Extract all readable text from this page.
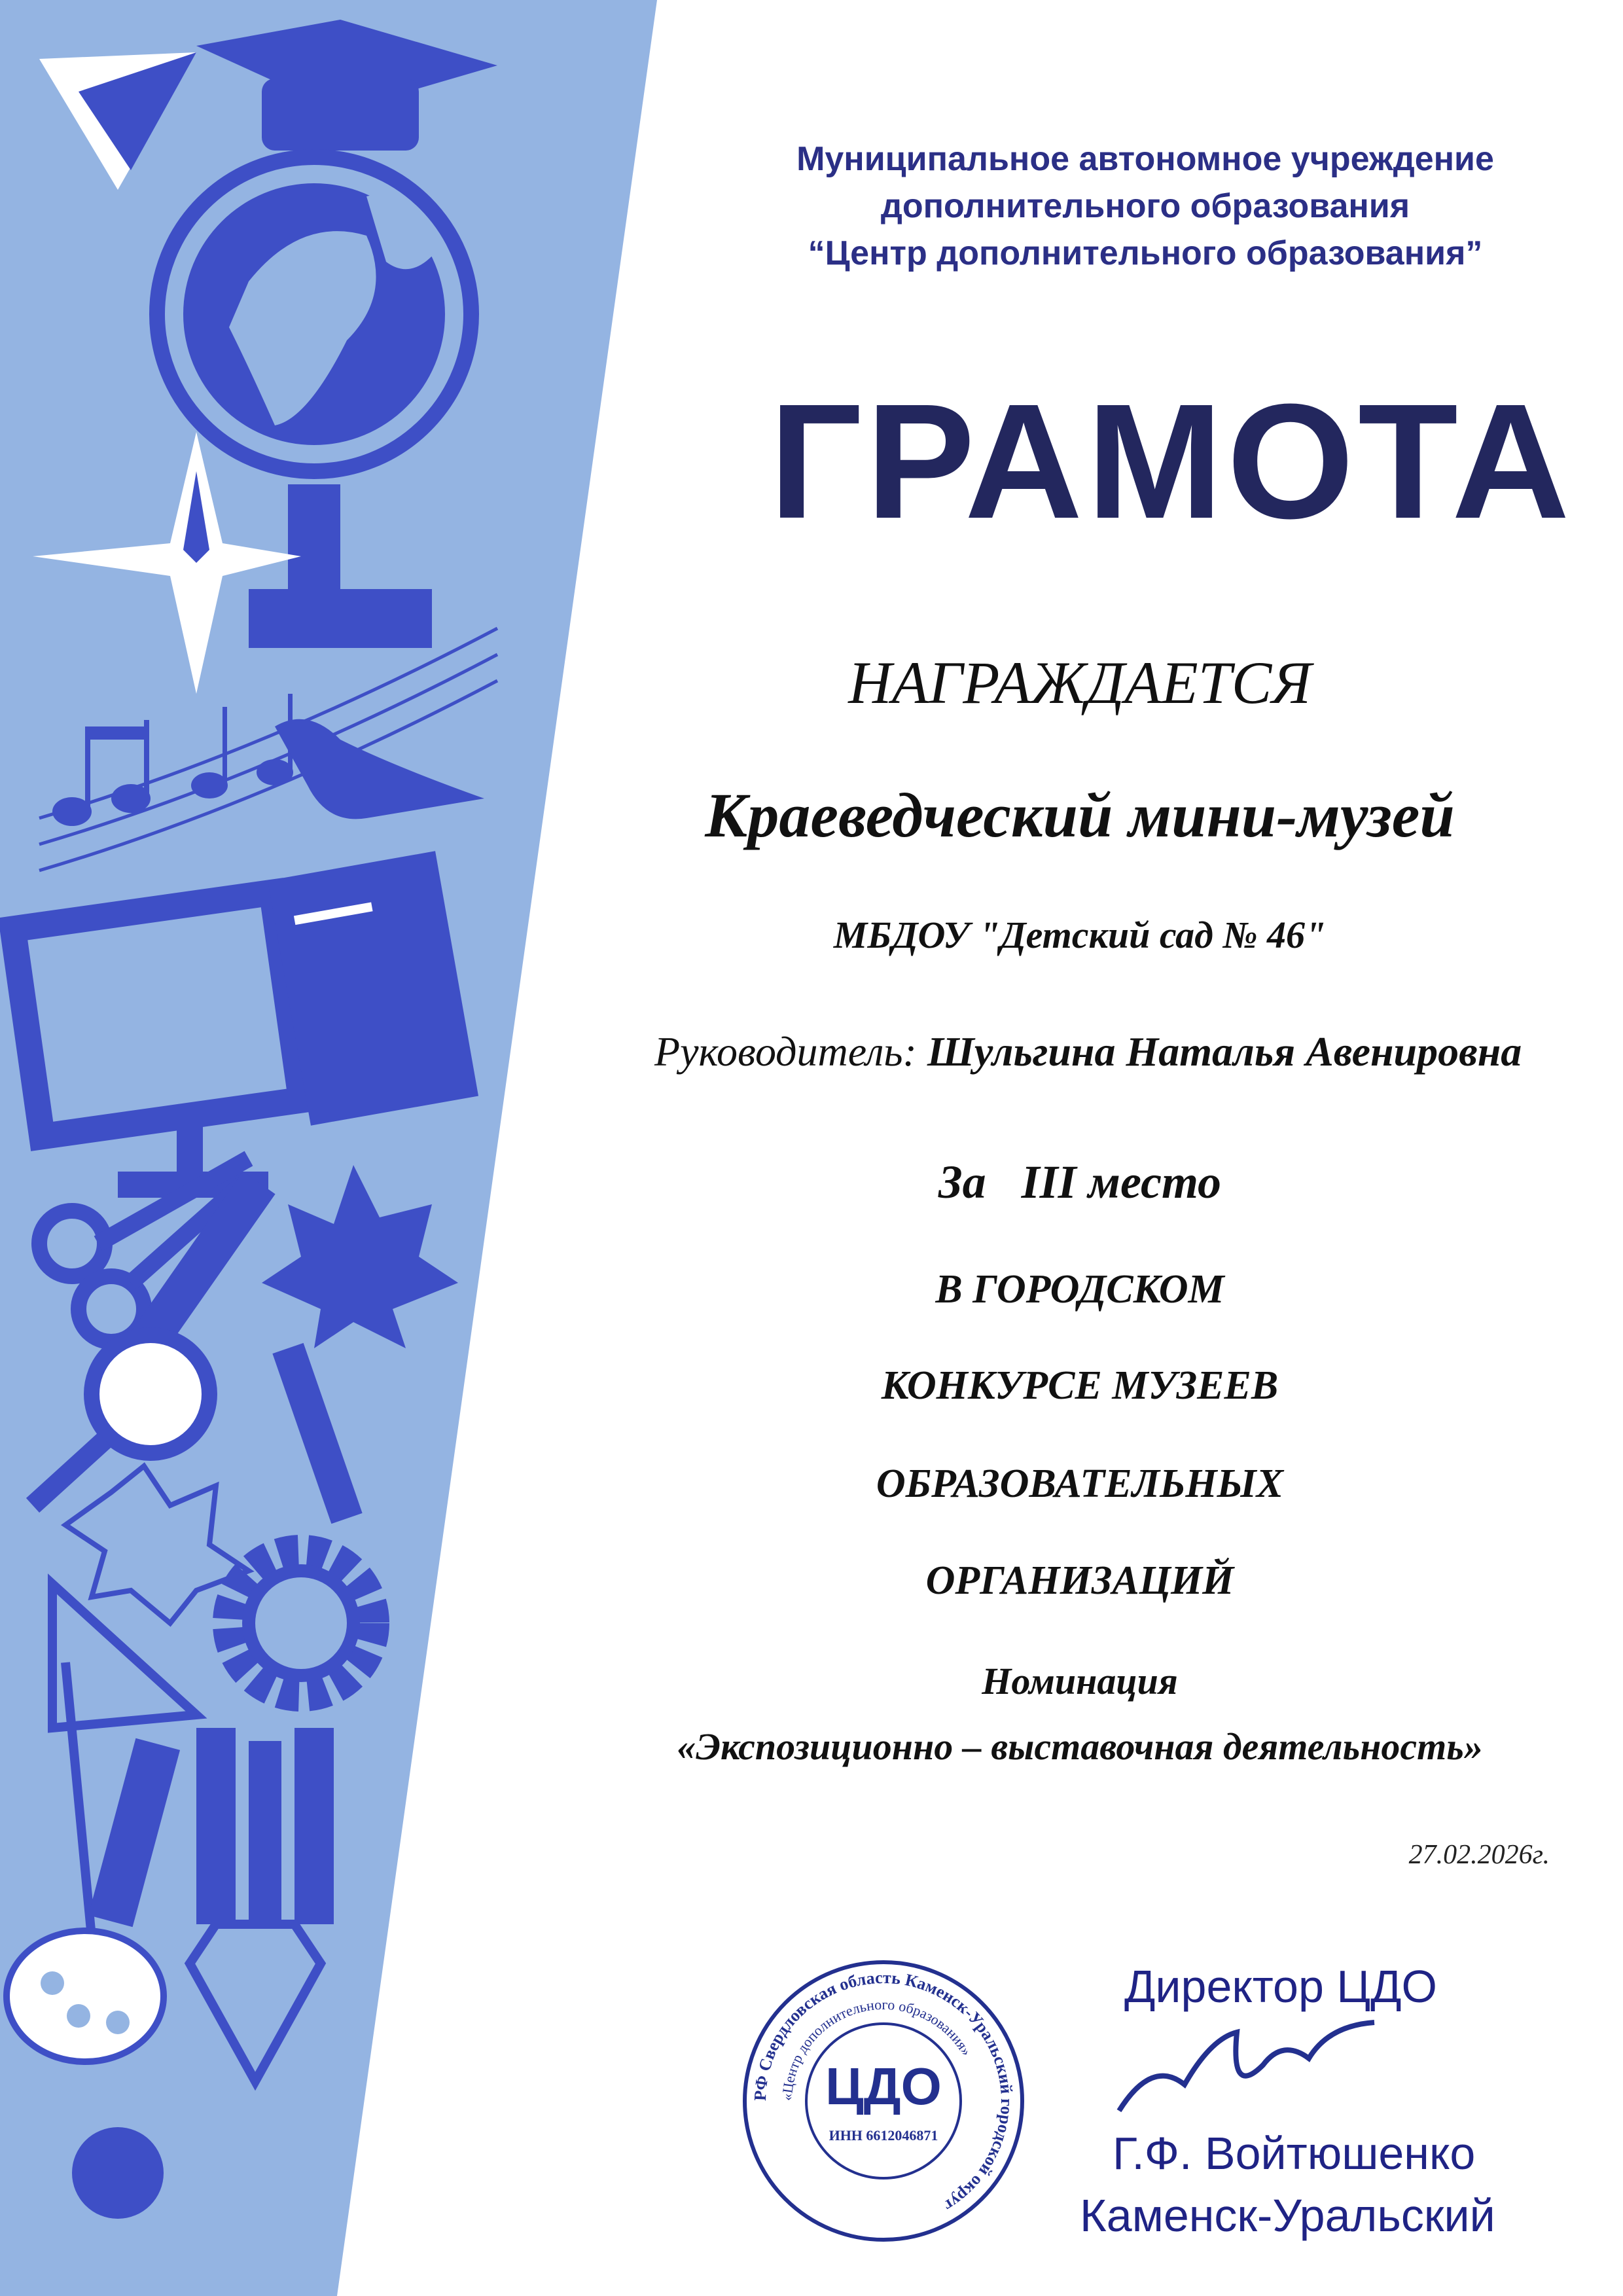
Муниципальное автономное учреждение
дополнительного образования
“Центр дополнительного образования”
ГРАМОТА
НАГРАЖДАЕТСЯ
Краеведческий мини-музей
МБДОУ "Детский сад № 46"
Руководитель: Шульгина Наталья Авенировна
За   III место
В ГОРОДСКОМ
КОНКУРСЕ МУЗЕЕВ
ОБРАЗОВАТЕЛЬНЫХ
ОРГАНИЗАЦИЙ
Номинация
«Экспозиционно – выставочная деятельность»
27.02.2026г.
РФ Свердловская область Каменск-Уральский городской округ
«Центр дополнительного образования»
ЦДО
ИНН 6612046871
Директор ЦДО
Г.Ф. Войтюшенко
Каменск-Уральский
